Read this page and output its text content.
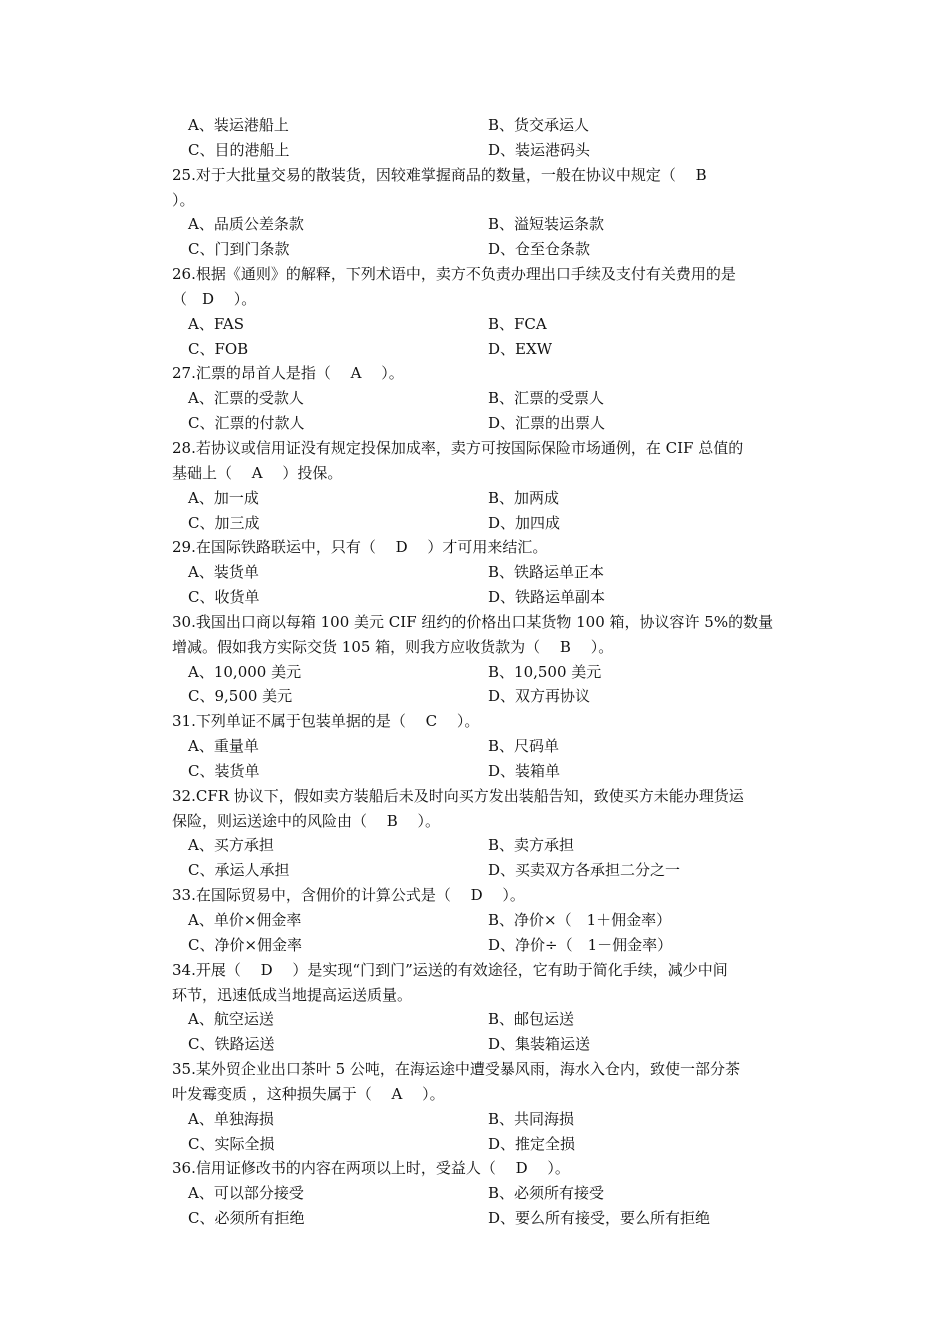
A、装运港船上	B、货交承运人
C、目的港船上	D、装运港码头
25.对于大批量交易的散装货，因较难掌握商品的数量，一般在协议中规定（　 B
）。
A、品质公差条款	B、溢短装运条款
C、门到门条款	D、仓至仓条款
26.根据《通则》的解释，下列术语中，卖方不负责办理出口手续及支付有关费用的是
（　D　 ）。
A、FAS	B、FCA
C、FOB	D、EXW
27.汇票的昂首人是指（　 A　 ）。
A、汇票的受款人	B、汇票的受票人
C、汇票的付款人	D、汇票的出票人
28.若协议或信用证没有规定投保加成率，卖方可按国际保险市场通例，在 CIF 总值的
基础上（　 A　 ）投保。
A、加一成	B、加两成
C、加三成	D、加四成
29.在国际铁路联运中，只有（　 D　 ）才可用来结汇。
A、装货单	B、铁路运单正本
C、收货单	D、铁路运单副本
30.我国出口商以每箱 100 美元 CIF 纽约的价格出口某货物 100 箱，协议容许 5%的数量
增减。假如我方实际交货 105 箱，则我方应收货款为（　 B　 ）。
A、10,000 美元	B、10,500 美元
C、9,500 美元	D、双方再协议
31.下列单证不属于包装单据的是（　 C　 ）。
A、重量单	B、尺码单
C、装货单	D、装箱单
32.CFR 协议下，假如卖方装船后未及时向买方发出装船告知，致使买方未能办理货运
保险，则运送途中的风险由（　 B　 ）。
A、买方承担	B、卖方承担
C、承运人承担	D、买卖双方各承担二分之一
33.在国际贸易中，含佣价的计算公式是（　 D　 ）。
A、单价×佣金率	B、净价×（　1＋佣金率）
C、净价×佣金率	D、净价÷（　1－佣金率）
34.开展（　 D　 ）是实现“门到门”运送的有效途径，它有助于简化手续，减少中间
环节，迅速低成当地提高运送质量。
A、航空运送	B、邮包运送
C、铁路运送	D、集装箱运送
35.某外贸企业出口茶叶 5 公吨，在海运途中遭受暴风雨，海水入仓内，致使一部分茶
叶发霉变质 ，这种损失属于（　 A　 ）。
A、单独海损	B、共同海损
C、实际全损	D、推定全损
36.信用证修改书的内容在两项以上时，受益人（　 D　 ）。
A、可以部分接受	B、必须所有接受
C、必须所有拒绝	D、要么所有接受，要么所有拒绝
